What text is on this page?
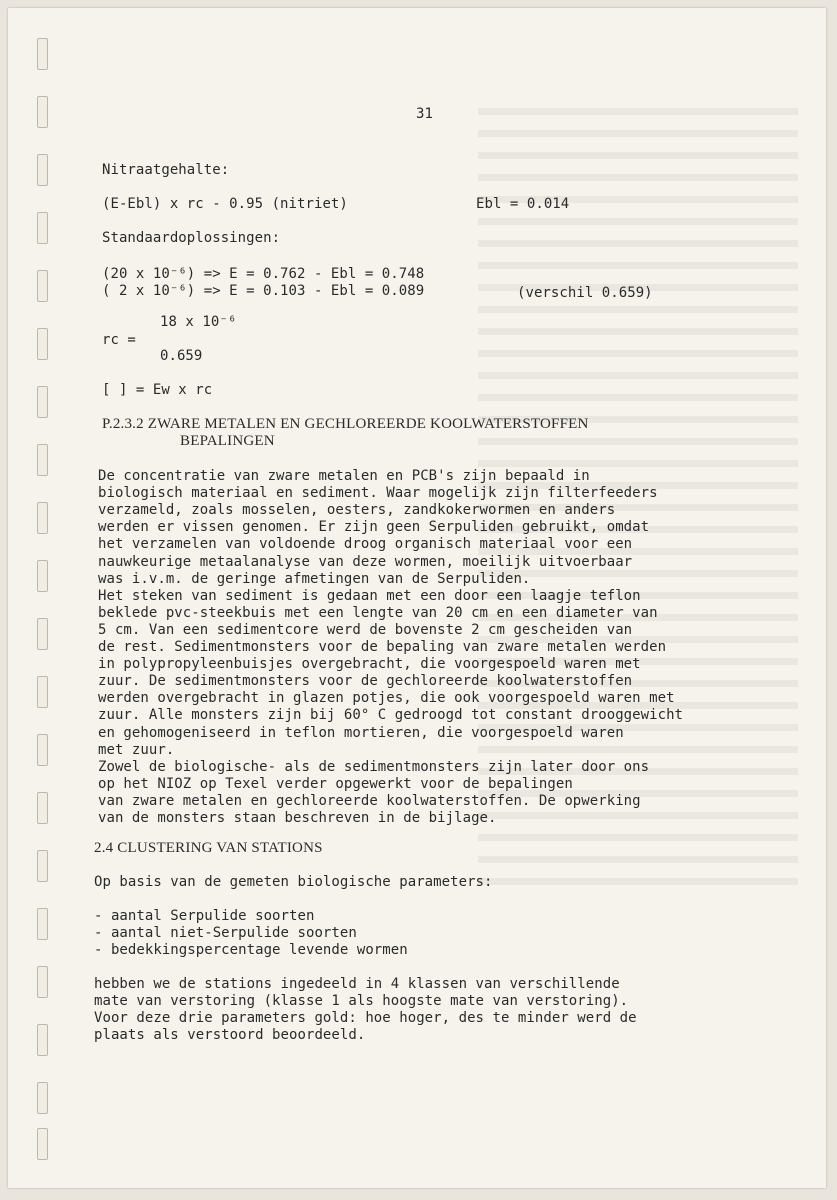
31
Nitraatgehalte:
(E-Ebl) x rc - 0.95 (nitriet)	Ebl = 0.014
Standaardoplossingen:
(20 x 10⁻⁶) => E = 0.762 - Ebl = 0.748
( 2 x 10⁻⁶) => E = 0.103 - Ebl = 0.089	(verschil 0.659)
18 x 10⁻⁶
rc =
0.659
[ ] = Ew x rc
P.2.3.2 ZWARE METALEN EN GECHLOREERDE KOOLWATERSTOFFEN
BEPALINGEN
De concentratie van zware metalen en PCB's zijn bepaald in
biologisch materiaal en sediment. Waar mogelijk zijn filterfeeders
verzameld, zoals mosselen, oesters, zandkokerwormen en anders
werden er vissen genomen. Er zijn geen Serpuliden gebruikt, omdat
het verzamelen van voldoende droog organisch materiaal voor een
nauwkeurige metaalanalyse van deze wormen, moeilijk uitvoerbaar
was i.v.m. de geringe afmetingen van de Serpuliden.
Het steken van sediment is gedaan met een door een laagje teflon
beklede pvc-steekbuis met een lengte van 20 cm en een diameter van
5 cm. Van een sedimentcore werd de bovenste 2 cm gescheiden van
de rest. Sedimentmonsters voor de bepaling van zware metalen werden
in polypropyleenbuisjes overgebracht, die voorgespoeld waren met
zuur. De sedimentmonsters voor de gechloreerde koolwaterstoffen
werden overgebracht in glazen potjes, die ook voorgespoeld waren met
zuur. Alle monsters zijn bij 60° C gedroogd tot constant drooggewicht
en gehomogeniseerd in teflon mortieren, die voorgespoeld waren
met zuur.
Zowel de biologische- als de sedimentmonsters zijn later door ons
op het NIOZ op Texel verder opgewerkt voor de bepalingen
van zware metalen en gechloreerde koolwaterstoffen. De opwerking
van de monsters staan beschreven in de bijlage.
2.4 CLUSTERING VAN STATIONS
Op basis van de gemeten biologische parameters:
- aantal Serpulide soorten
- aantal niet-Serpulide soorten
- bedekkingspercentage levende wormen
hebben we de stations ingedeeld in 4 klassen van verschillende
mate van verstoring (klasse 1 als hoogste mate van verstoring).
Voor deze drie parameters gold: hoe hoger, des te minder werd de
plaats als verstoord beoordeeld.
